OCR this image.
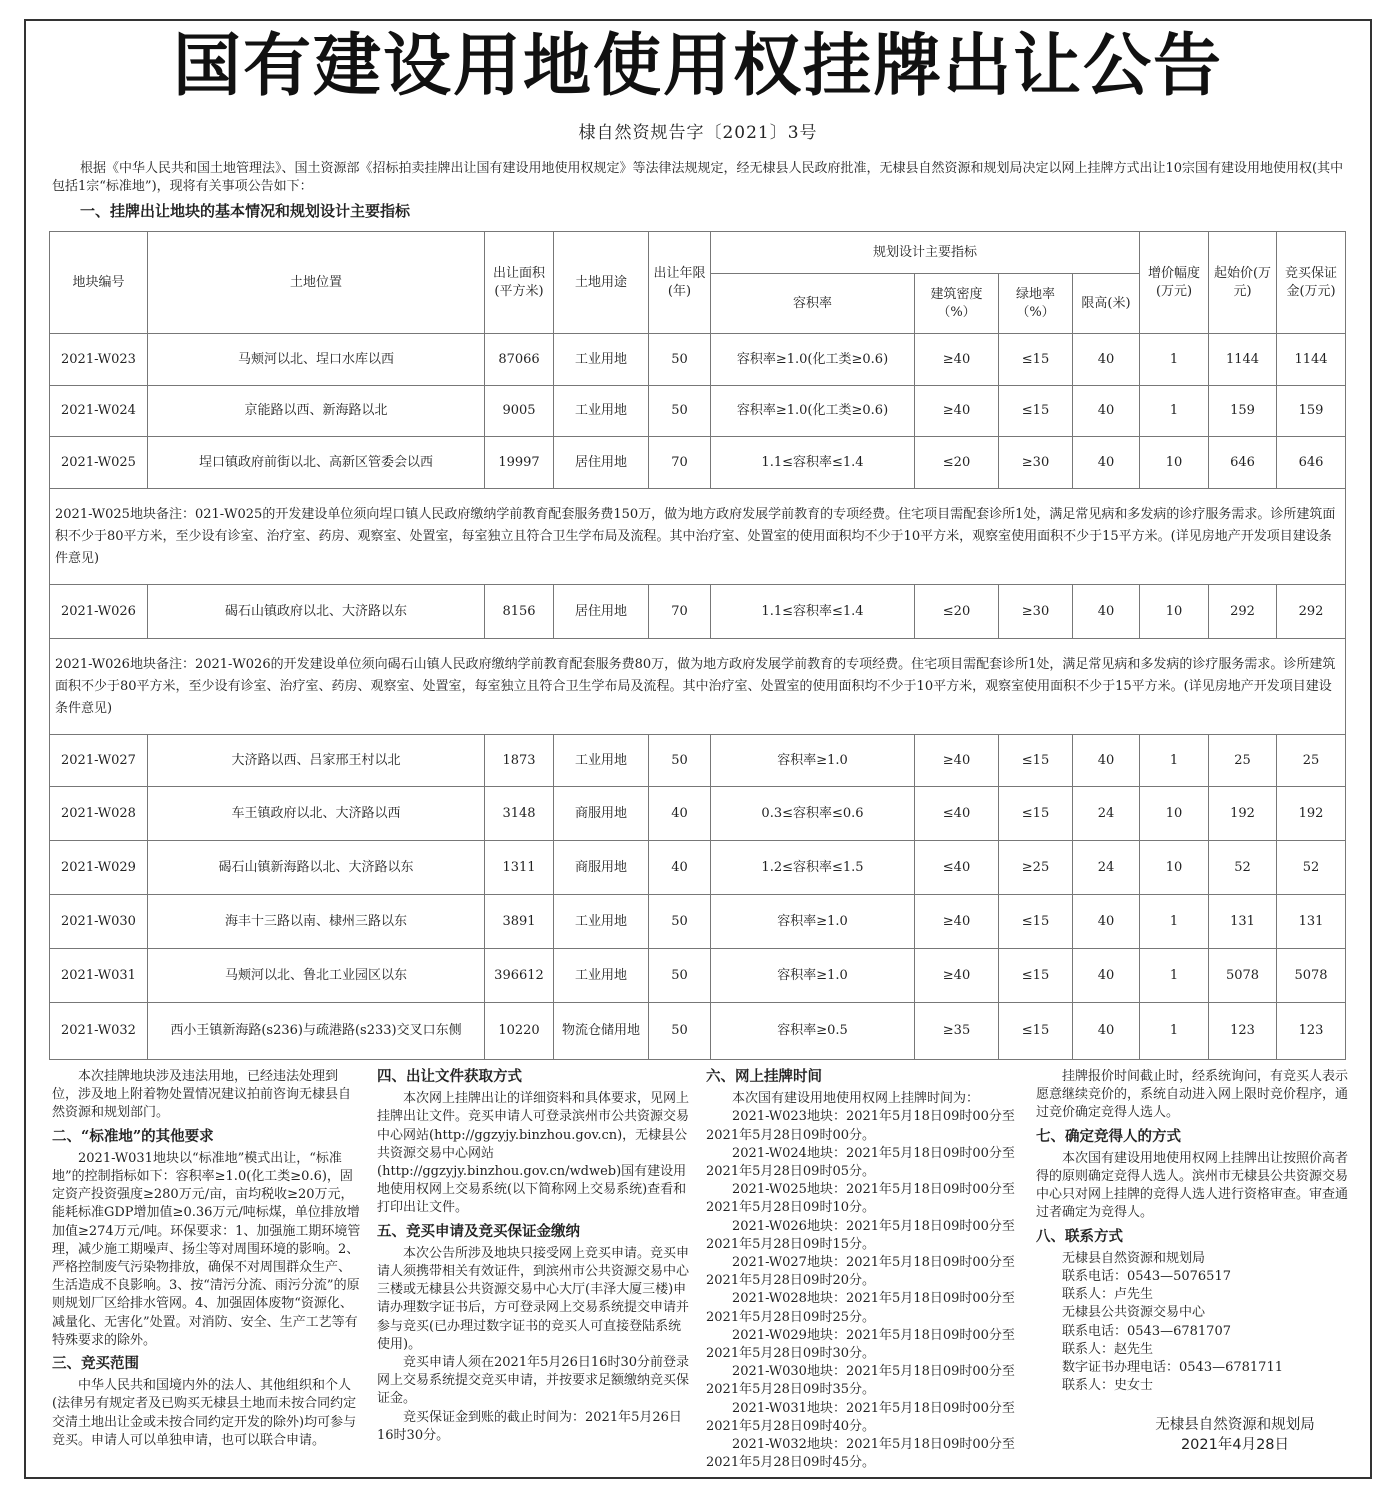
国有建设用地使用权挂牌出让公告
棣自然资规告字〔2021〕3号
根据《中华人民共和国土地管理法》、国土资源部《招标拍卖挂牌出让国有建设用地使用权规定》等法律法规规定，经无棣县人民政府批准，无棣县自然资源和规划局决定以网上挂牌方式出让10宗国有建设用地使用权(其中包括1宗“标准地”)，现将有关事项公告如下：
一、挂牌出让地块的基本情况和规划设计主要指标
地块编号	土地位置	出让面积(平方米)	土地用途	出让年限(年)	规划设计主要指标				增价幅度(万元)	起始价(万元)	竞买保证金(万元)
					容积率	建筑密度（%）	绿地率（%）	限高(米)			
2021-W023	马颊河以北、埕口水库以西	87066	工业用地	50	容积率≥1.0(化工类≥0.6)	≥40	≤15	40	1	1144	1144
2021-W024	京能路以西、新海路以北	9005	工业用地	50	容积率≥1.0(化工类≥0.6)	≥40	≤15	40	1	159	159
2021-W025	埕口镇政府前街以北、高新区管委会以西	19997	居住用地	70	1.1≤容积率≤1.4	≤20	≥30	40	10	646	646
2021-W025地块备注：021-W025的开发建设单位须向埕口镇人民政府缴纳学前教育配套服务费150万，做为地方政府发展学前教育的专项经费。住宅项目需配套诊所1处，满足常见病和多发病的诊疗服务需求。诊所建筑面积不少于80平方米，至少设有诊室、治疗室、药房、观察室、处置室，每室独立且符合卫生学布局及流程。其中治疗室、处置室的使用面积均不少于10平方米，观察室使用面积不少于15平方米。(详见房地产开发项目建设条件意见)											
2021-W026	碣石山镇政府以北、大济路以东	8156	居住用地	70	1.1≤容积率≤1.4	≤20	≥30	40	10	292	292
2021-W026地块备注：2021-W026的开发建设单位须向碣石山镇人民政府缴纳学前教育配套服务费80万，做为地方政府发展学前教育的专项经费。住宅项目需配套诊所1处，满足常见病和多发病的诊疗服务需求。诊所建筑面积不少于80平方米，至少设有诊室、治疗室、药房、观察室、处置室，每室独立且符合卫生学布局及流程。其中治疗室、处置室的使用面积均不少于10平方米，观察室使用面积不少于15平方米。(详见房地产开发项目建设条件意见)											
2021-W027	大济路以西、吕家邢王村以北	1873	工业用地	50	容积率≥1.0	≥40	≤15	40	1	25	25
2021-W028	车王镇政府以北、大济路以西	3148	商服用地	40	0.3≤容积率≤0.6	≤40	≤15	24	10	192	192
2021-W029	碣石山镇新海路以北、大济路以东	1311	商服用地	40	1.2≤容积率≤1.5	≤40	≥25	24	10	52	52
2021-W030	海丰十三路以南、棣州三路以东	3891	工业用地	50	容积率≥1.0	≥40	≤15	40	1	131	131
2021-W031	马颊河以北、鲁北工业园区以东	396612	工业用地	50	容积率≥1.0	≥40	≤15	40	1	5078	5078
2021-W032	西小王镇新海路(s236)与疏港路(s233)交叉口东侧	10220	物流仓储用地	50	容积率≥0.5	≥35	≤15	40	1	123	123

本次挂牌地块涉及违法用地，已经违法处理到位，涉及地上附着物处置情况建议拍前咨询无棣县自然资源和规划部门。

二、“标准地”的其他要求

2021-W031地块以“标准地”模式出让，“标准地”的控制指标如下：容积率≥1.0(化工类≥0.6)，固定资产投资强度≥280万元/亩，亩均税收≥20万元，能耗标准GDP增加值≥0.36万元/吨标煤，单位排放增加值≥274万元/吨。环保要求：1、加强施工期环境管理，减少施工期噪声、扬尘等对周围环境的影响。2、严格控制废气污染物排放，确保不对周围群众生产、生活造成不良影响。3、按“清污分流、雨污分流”的原则规划厂区给排水管网。4、加强固体废物“资源化、减量化、无害化”处置。对消防、安全、生产工艺等有特殊要求的除外。

三、竞买范围

中华人民共和国境内外的法人、其他组织和个人(法律另有规定者及已购买无棣县土地而未按合同约定交清土地出让金或未按合同约定开发的除外)均可参与竞买。申请人可以单独申请，也可以联合申请。

四、出让文件获取方式

本次网上挂牌出让的详细资料和具体要求，见网上挂牌出让文件。竞买申请人可登录滨州市公共资源交易中心网站(http://ggzyjy.binzhou.gov.cn)，无棣县公共资源交易中心网站(http://ggzyjy.binzhou.gov.cn/wdweb)国有建设用地使用权网上交易系统(以下简称网上交易系统)查看和打印出让文件。

五、竞买申请及竞买保证金缴纳

本次公告所涉及地块只接受网上竞买申请。竞买申请人须携带相关有效证件，到滨州市公共资源交易中心三楼或无棣县公共资源交易中心大厅(丰泽大厦三楼)申请办理数字证书后，方可登录网上交易系统提交申请并参与竞买(已办理过数字证书的竞买人可直接登陆系统使用)。

竞买申请人须在2021年5月26日16时30分前登录网上交易系统提交竞买申请，并按要求足额缴纳竞买保证金。

竞买保证金到账的截止时间为：2021年5月26日16时30分。

六、网上挂牌时间

本次国有建设用地使用权网上挂牌时间为：

2021-W023地块：2021年5月18日09时00分至2021年5月28日09时00分。

2021-W024地块：2021年5月18日09时00分至2021年5月28日09时05分。

2021-W025地块：2021年5月18日09时00分至2021年5月28日09时10分。

2021-W026地块：2021年5月18日09时00分至2021年5月28日09时15分。

2021-W027地块：2021年5月18日09时00分至2021年5月28日09时20分。

2021-W028地块：2021年5月18日09时00分至2021年5月28日09时25分。

2021-W029地块：2021年5月18日09时00分至2021年5月28日09时30分。

2021-W030地块：2021年5月18日09时00分至2021年5月28日09时35分。

2021-W031地块：2021年5月18日09时00分至2021年5月28日09时40分。

2021-W032地块：2021年5月18日09时00分至2021年5月28日09时45分。

挂牌报价时间截止时，经系统询问，有竞买人表示愿意继续竞价的，系统自动进入网上限时竞价程序，通过竞价确定竞得人选人。

七、确定竞得人的方式

本次国有建设用地使用权网上挂牌出让按照价高者得的原则确定竞得人选人。滨州市无棣县公共资源交易中心只对网上挂牌的竞得人选人进行资格审查。审查通过者确定为竞得人。

八、联系方式

无棣县自然资源和规划局

联系电话：0543—5076517

联系人：卢先生

无棣县公共资源交易中心

联系电话：0543—6781707

联系人：赵先生

数字证书办理电话：0543—6781711

联系人：史女士

无棣县自然资源和规划局
2021年4月28日
